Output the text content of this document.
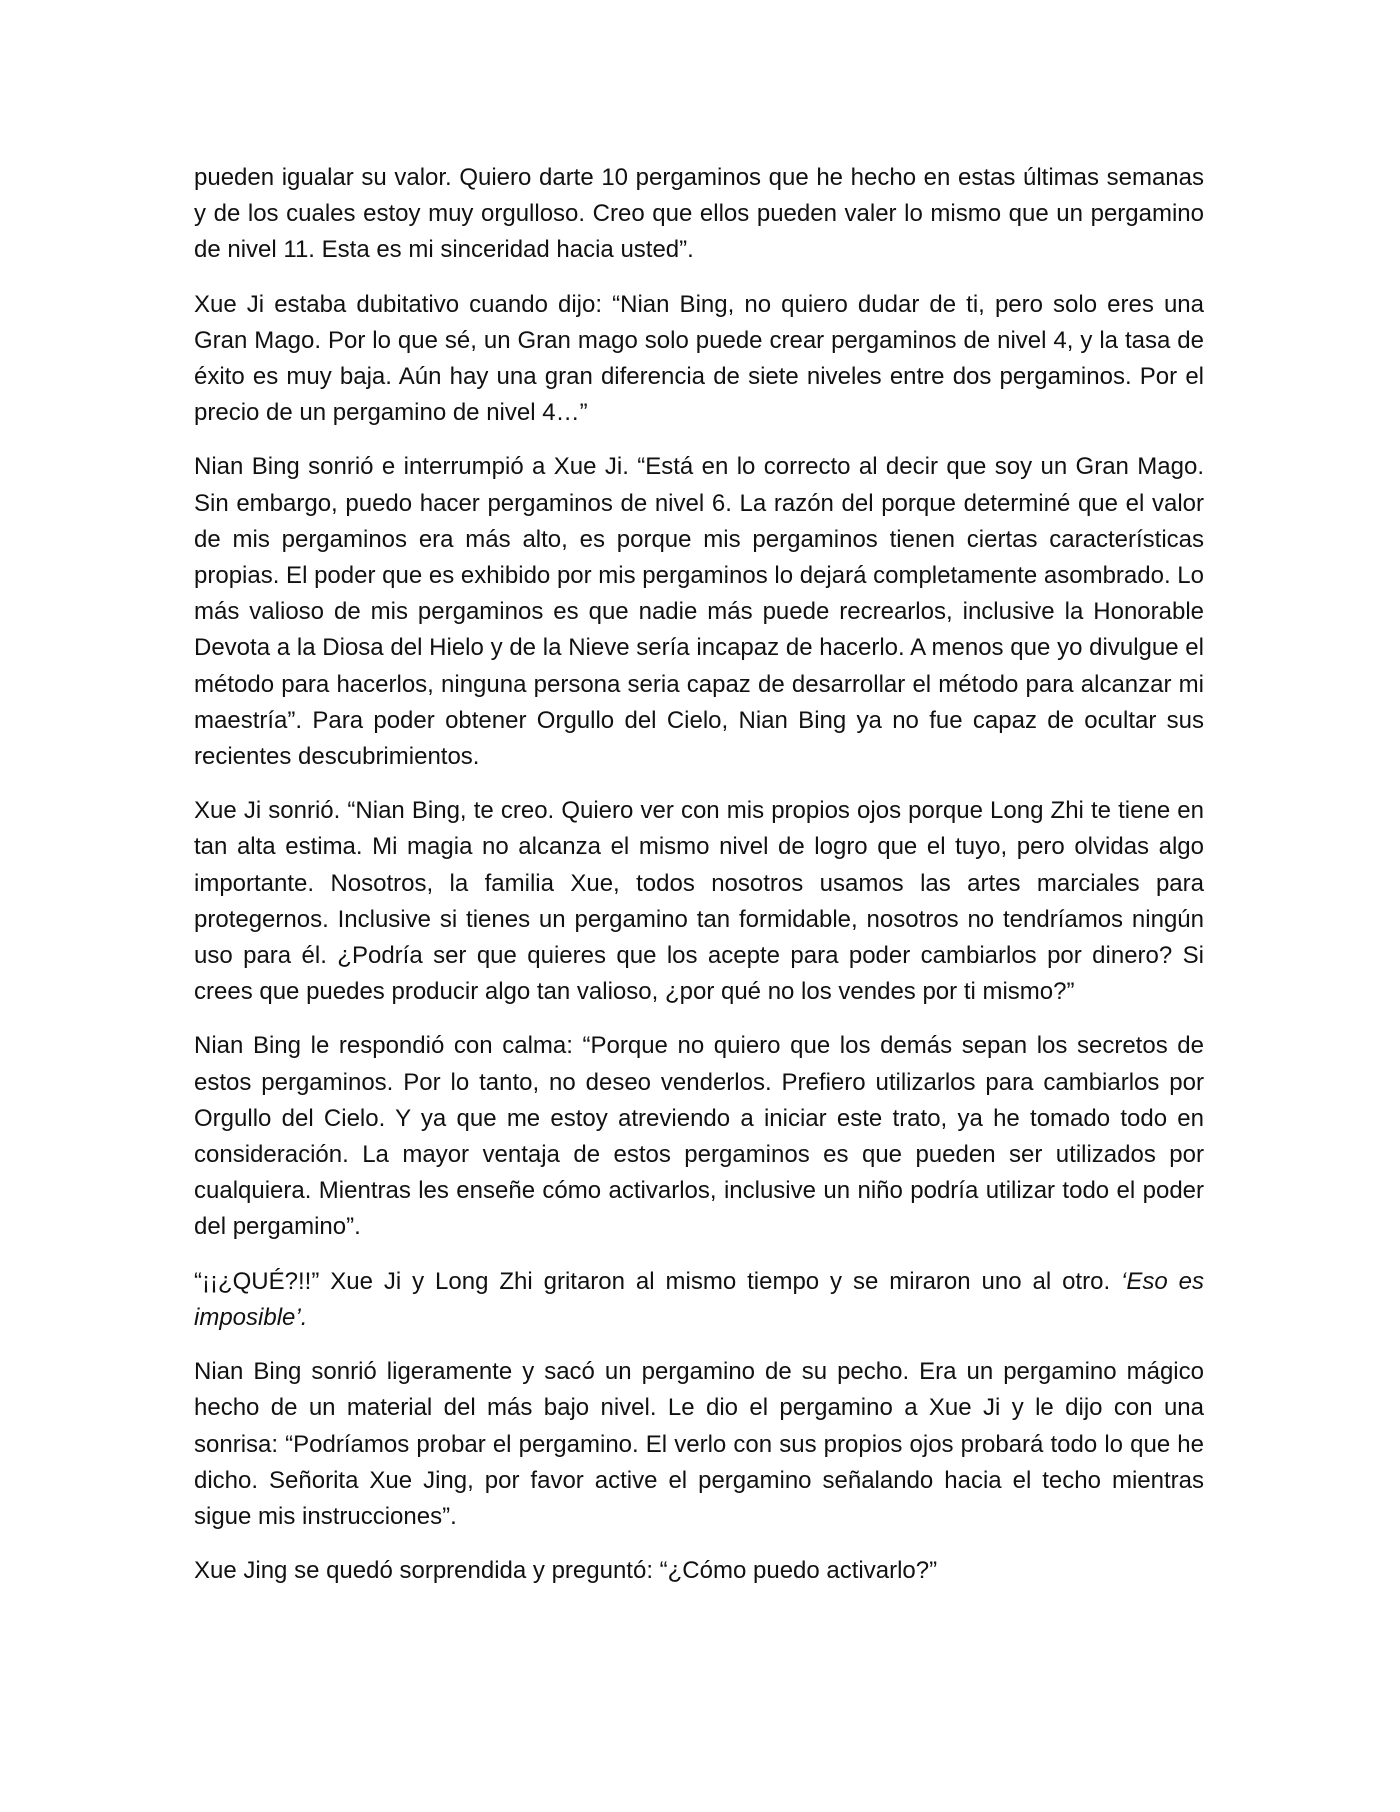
pueden igualar su valor. Quiero darte 10 pergaminos que he hecho en estas últimas semanas y de los cuales estoy muy orgulloso. Creo que ellos pueden valer lo mismo que un pergamino de nivel 11. Esta es mi sinceridad hacia usted”.

Xue Ji estaba dubitativo cuando dijo: “Nian Bing, no quiero dudar de ti, pero solo eres una Gran Mago. Por lo que sé, un Gran mago solo puede crear pergaminos de nivel 4, y la tasa de éxito es muy baja. Aún hay una gran diferencia de siete niveles entre dos pergaminos. Por el precio de un pergamino de nivel 4…”

Nian Bing sonrió e interrumpió a Xue Ji. “Está en lo correcto al decir que soy un Gran Mago. Sin embargo, puedo hacer pergaminos de nivel 6. La razón del porque determiné que el valor de mis pergaminos era más alto, es porque mis pergaminos tienen ciertas características propias. El poder que es exhibido por mis pergaminos lo dejará completamente asombrado. Lo más valioso de mis pergaminos es que nadie más puede recrearlos, inclusive la Honorable Devota a la Diosa del Hielo y de la Nieve sería incapaz de hacerlo. A menos que yo divulgue el método para hacerlos, ninguna persona seria capaz de desarrollar el método para alcanzar mi maestría”. Para poder obtener Orgullo del Cielo, Nian Bing ya no fue capaz de ocultar sus recientes descubrimientos.

Xue Ji sonrió. “Nian Bing, te creo. Quiero ver con mis propios ojos porque Long Zhi te tiene en tan alta estima. Mi magia no alcanza el mismo nivel de logro que el tuyo, pero olvidas algo importante. Nosotros, la familia Xue, todos nosotros usamos las artes marciales para protegernos. Inclusive si tienes un pergamino tan formidable, nosotros no tendríamos ningún uso para él. ¿Podría ser que quieres que los acepte para poder cambiarlos por dinero? Si crees que puedes producir algo tan valioso, ¿por qué no los vendes por ti mismo?”

Nian Bing le respondió con calma: “Porque no quiero que los demás sepan los secretos de estos pergaminos. Por lo tanto, no deseo venderlos. Prefiero utilizarlos para cambiarlos por Orgullo del Cielo. Y ya que me estoy atreviendo a iniciar este trato, ya he tomado todo en consideración. La mayor ventaja de estos pergaminos es que pueden ser utilizados por cualquiera. Mientras les enseñe cómo activarlos, inclusive un niño podría utilizar todo el poder del pergamino”.

“¡¡¿QUÉ?!!” Xue Ji y Long Zhi gritaron al mismo tiempo y se miraron uno al otro. ‘Eso es imposible’.

Nian Bing sonrió ligeramente y sacó un pergamino de su pecho. Era un pergamino mágico hecho de un material del más bajo nivel. Le dio el pergamino a Xue Ji y le dijo con una sonrisa: “Podríamos probar el pergamino. El verlo con sus propios ojos probará todo lo que he dicho. Señorita Xue Jing, por favor active el pergamino señalando hacia el techo mientras sigue mis instrucciones”.

Xue Jing se quedó sorprendida y preguntó: “¿Cómo puedo activarlo?”
